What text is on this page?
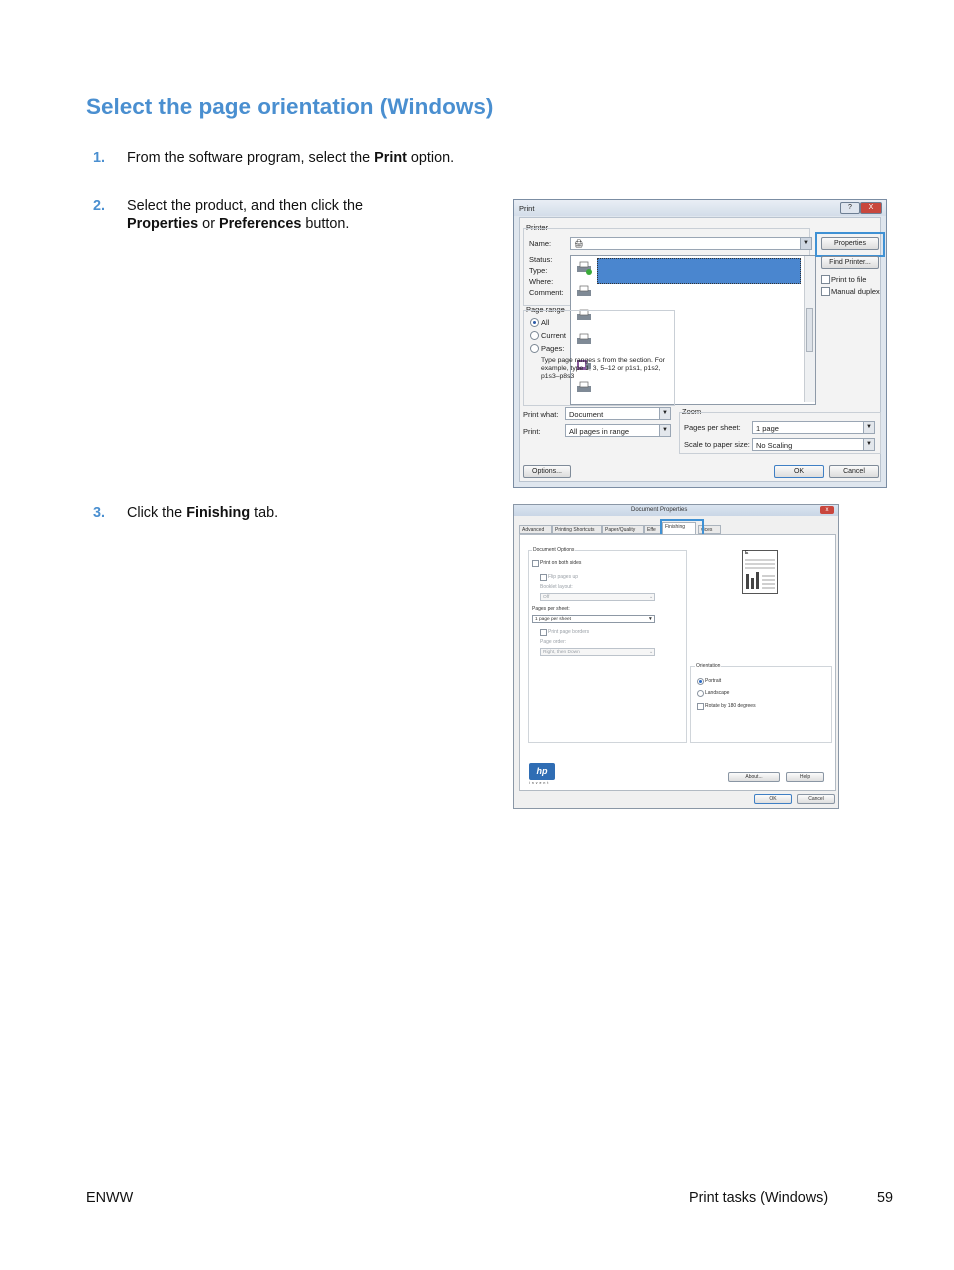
Select the page orientation (Windows)
1. From the software program, select the Print option.
2. Select the product, and then click the Properties or Preferences button.
3. Click the Finishing tab.
Print	?	X
Printer
Name:
Status:
Type:
Where:
Comment:
🖨	▼	Properties
Find Printer...
Print to file
Manual duplex
Page range
All
Current
Pages:
Type page ranges s from the section. For example, type 1, 3, 5–12 or p1s1, p1s2, p1s3–p8s3
Print what: Document	▼
Print:	All pages in range	▼
Zoom
Pages per sheet: 1 page	▼
Scale to paper size: No Scaling	▼
Options...	OK	Cancel
Document Properties	x
Advanced	Printing Shortcuts	Paper/Quality	Effe	Finishing	vices
Document Options
Print on both sides
Flip pages up
Booklet layout:
Off	⌄
Pages per sheet:
1 page per sheet	▼
Print page borders
Page order:
Right, then Down	⌄
E
Orientation
Portrait
Landscape
Rotate by 180 degrees
hp
invent
About...	Help
OK	Cancel
ENWW	Print tasks (Windows)	59
